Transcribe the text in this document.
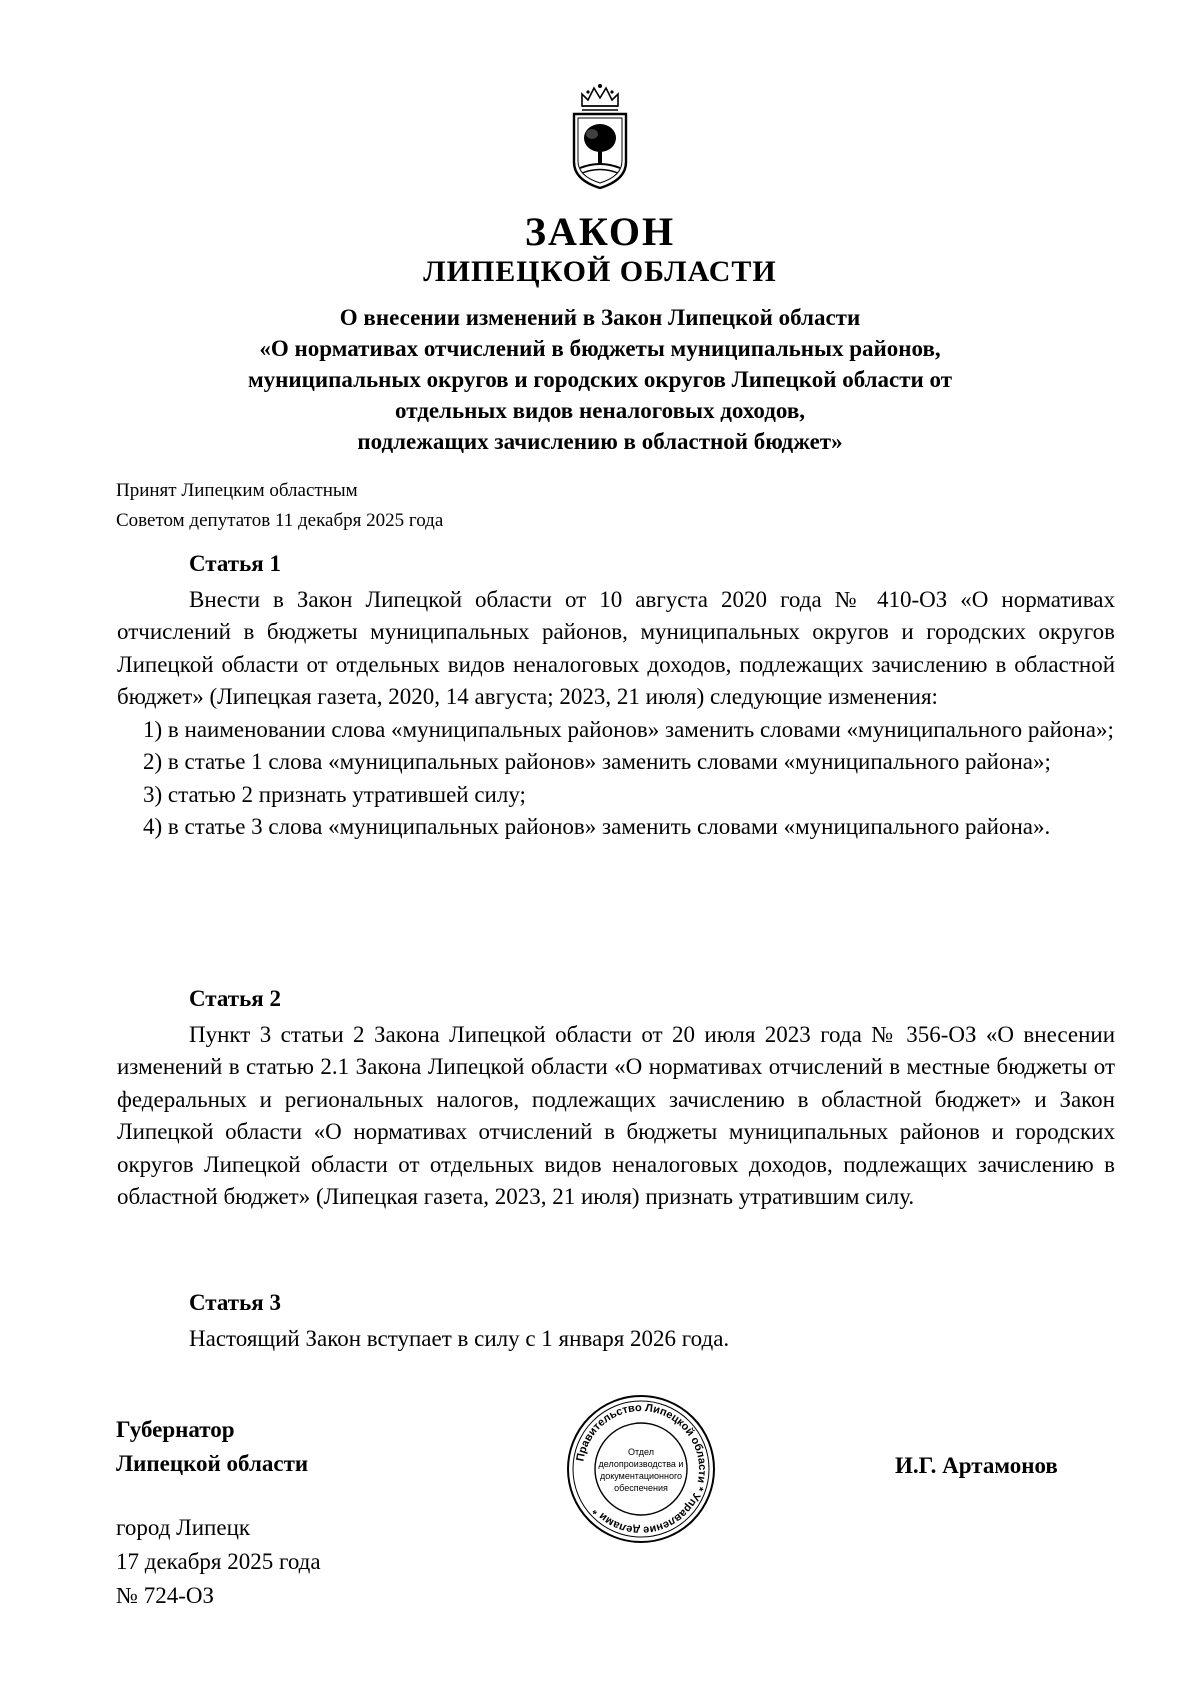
ЗАКОН
ЛИПЕЦКОЙ ОБЛАСТИ
О внесении изменений в Закон Липецкой области
«О нормативах отчислений в бюджеты муниципальных районов,
муниципальных округов и городских округов Липецкой области от
отдельных видов неналоговых доходов,
подлежащих зачислению в областной бюджет»
Принят Липецким областным
Советом депутатов 11 декабря 2025 года
Статья 1
Внести в Закон Липецкой области от 10 августа 2020 года № 410-ОЗ «О нормативах отчислений в бюджеты муниципальных районов, муниципальных округов и городских округов Липецкой области от отдельных видов неналоговых доходов, подлежащих зачислению в областной бюджет» (Липецкая газета, 2020, 14 августа; 2023, 21 июля) следующие изменения:
1) в наименовании слова «муниципальных районов» заменить словами «муниципального района»;
2) в статье 1 слова «муниципальных районов» заменить словами «муниципального района»;
3) статью 2 признать утратившей силу;
4) в статье 3 слова «муниципальных районов» заменить словами «муниципального района».
Статья 2
Пункт 3 статьи 2 Закона Липецкой области от 20 июля 2023 года № 356-ОЗ «О внесении изменений в статью 2.1 Закона Липецкой области «О нормативах отчислений в местные бюджеты от федеральных и региональных налогов, подлежащих зачислению в областной бюджет» и Закон Липецкой области «О нормативах отчислений в бюджеты муниципальных районов и городских округов Липецкой области от отдельных видов неналоговых доходов, подлежащих зачислению в областной бюджет» (Липецкая газета, 2023, 21 июля) признать утратившим силу.
Статья 3
Настоящий Закон вступает в силу с 1 января 2026 года.
Губернатор
Липецкой области	Правительство Липецкой области * Управление делами *
Отдел
делопроизводства и
документационного
обеспечения
И.Г. Артамонов
город Липецк
17 декабря 2025 года
№ 724-ОЗ
